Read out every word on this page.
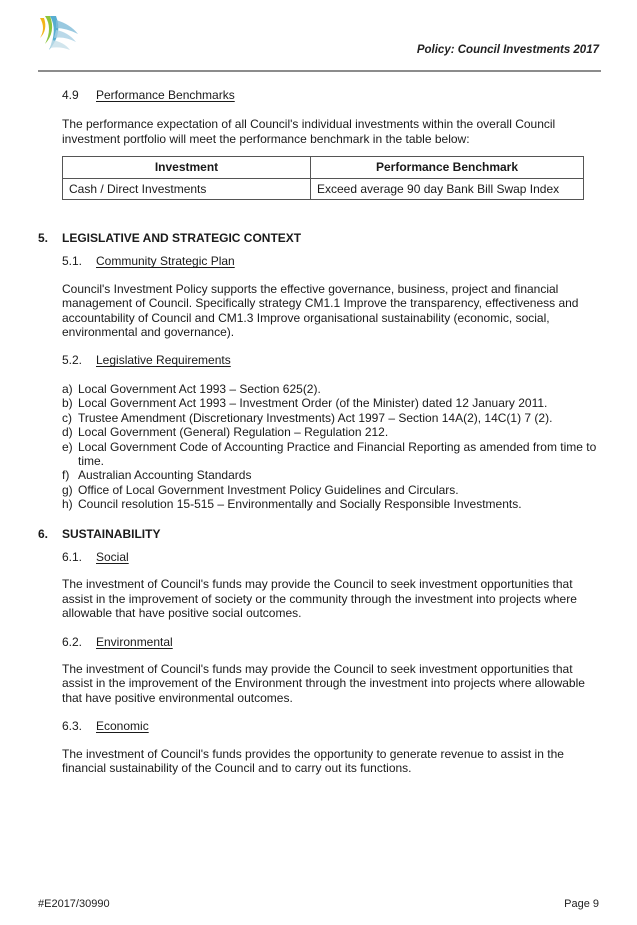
Policy: Council Investments 2017
4.9 Performance Benchmarks

The performance expectation of all Council's individual investments within the overall Council investment portfolio will meet the performance benchmark in the table below:

Investment	Performance Benchmark
Cash / Direct Investments	Exceed average 90 day Bank Bill Swap Index
5.	LEGISLATIVE AND STRATEGIC CONTEXT
5.1. Community Strategic Plan

Council's Investment Policy supports the effective governance, business, project and financial management of Council. Specifically strategy CM1.1 Improve the transparency, effectiveness and accountability of Council and CM1.3 Improve organisational sustainability (economic, social, environmental and governance).

5.2. Legislative Requirements
a) Local Government Act 1993 – Section 625(2).
b) Local Government Act 1993 – Investment Order (of the Minister) dated 12 January 2011.
c) Trustee Amendment (Discretionary Investments) Act 1997 – Section 14A(2), 14C(1) 7 (2).
d) Local Government (General) Regulation – Regulation 212.
e) Local Government Code of Accounting Practice and Financial Reporting as amended from time to time.
f) Australian Accounting Standards
g) Office of Local Government Investment Policy Guidelines and Circulars.
h) Council resolution 15-515 – Environmentally and Socially Responsible Investments.
6.	SUSTAINABILITY
6.1. Social

The investment of Council's funds may provide the Council to seek investment opportunities that assist in the improvement of society or the community through the investment into projects where allowable that have positive social outcomes.

6.2. Environmental

The investment of Council's funds may provide the Council to seek investment opportunities that assist in the improvement of the Environment through the investment into projects where allowable that have positive environmental outcomes.

6.3. Economic

The investment of Council's funds provides the opportunity to generate revenue to assist in the financial sustainability of the Council and to carry out its functions.

#E2017/30990	Page 9
